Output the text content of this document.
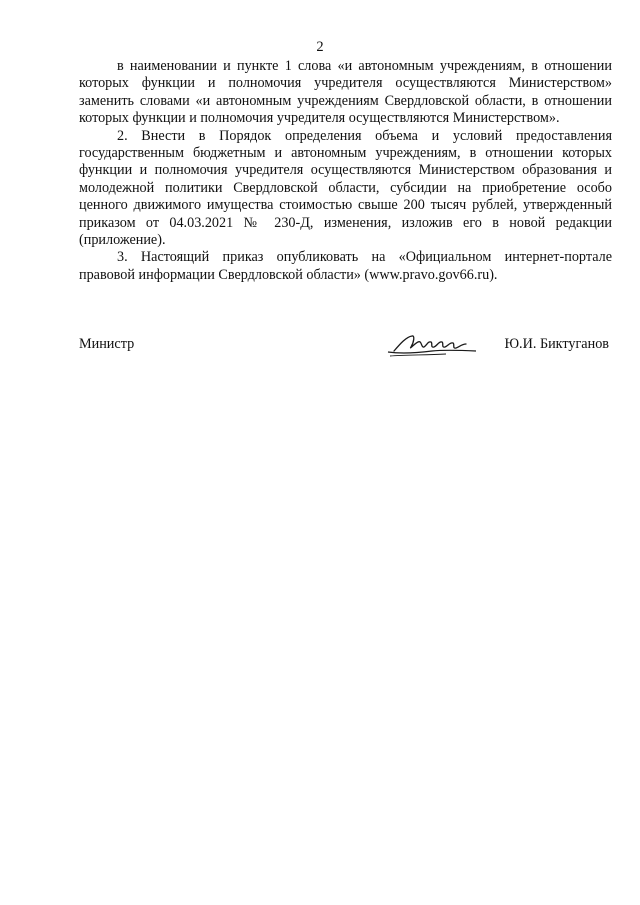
2

в наименовании и пункте 1 слова «и автономным учреждениям, в отношении которых функции и полномочия учредителя осуществляются Министерством» заменить словами «и автономным учреждениям Свердловской области, в отношении которых функции и полномочия учредителя осуществляются Министерством».

2. Внести в Порядок определения объема и условий предоставления государственным бюджетным и автономным учреждениям, в отношении которых функции и полномочия учредителя осуществляются Министерством образования и молодежной политики Свердловской области, субсидии на приобретение особо ценного движимого имущества стоимостью свыше 200 тысяч рублей, утвержденный приказом от 04.03.2021 № 230-Д, изменения, изложив его в новой редакции (приложение).

3. Настоящий приказ опубликовать на «Официальном интернет-портале правовой информации Свердловской области» (www.pravo.gov66.ru).

Министр	Ю.И. Биктуганов
